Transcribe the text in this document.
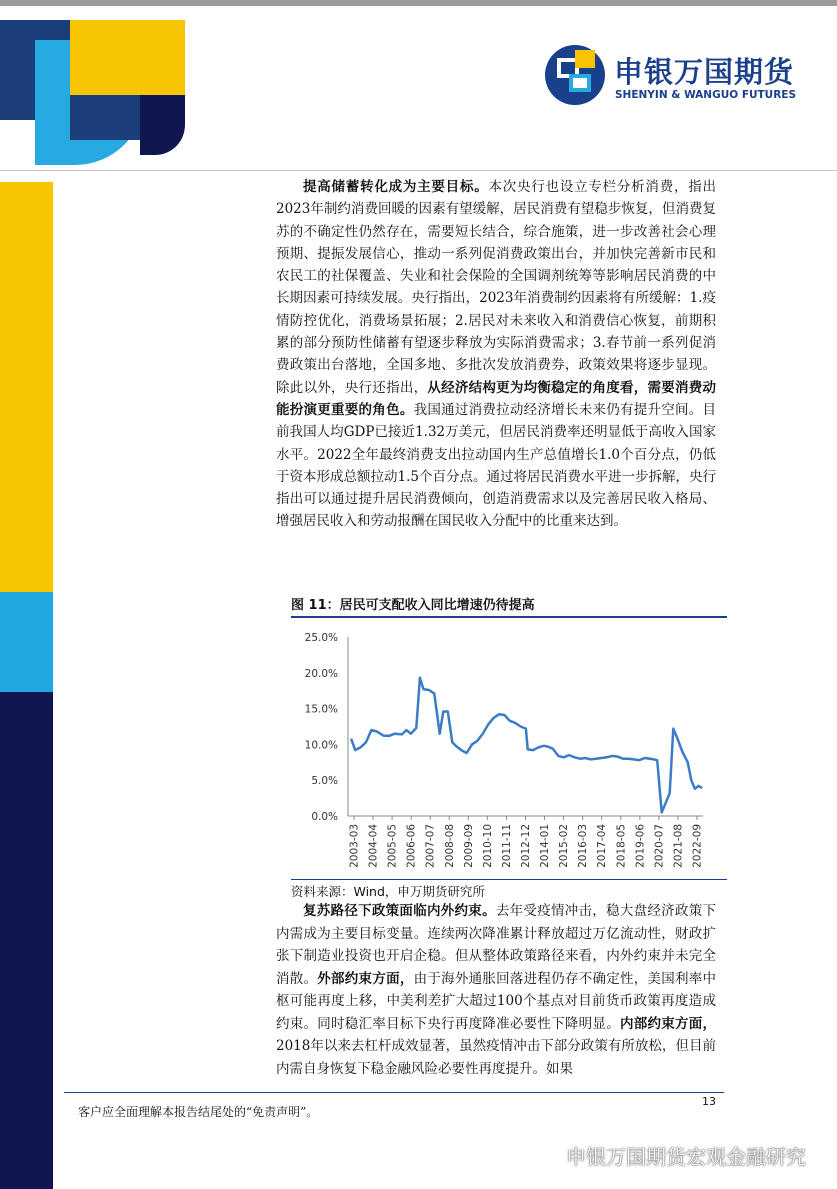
申银万国期货
SHENYIN & WANGUO FUTURES

提高储蓄转化成为主要目标。本次央行也设立专栏分析消费，指出2023年制约消费回暖的因素有望缓解，居民消费有望稳步恢复，但消费复苏的不确定性仍然存在，需要短长结合，综合施策，进一步改善社会心理预期、提振发展信心，推动一系列促消费政策出台，并加快完善新市民和农民工的社保覆盖、失业和社会保险的全国调剂统筹等影响居民消费的中长期因素可持续发展。央行指出，2023年消费制约因素将有所缓解：1.疫情防控优化，消费场景拓展；2.居民对未来收入和消费信心恢复，前期积累的部分预防性储蓄有望逐步释放为实际消费需求；3.春节前一系列促消费政策出台落地，全国多地、多批次发放消费券，政策效果将逐步显现。除此以外，央行还指出，从经济结构更为均衡稳定的角度看，需要消费动能扮演更重要的角色。我国通过消费拉动经济增长未来仍有提升空间。目前我国人均GDP已接近1.32万美元，但居民消费率还明显低于高收入国家水平。2022全年最终消费支出拉动国内生产总值增长1.0个百分点，仍低于资本形成总额拉动1.5个百分点。通过将居民消费水平进一步拆解，央行指出可以通过提升居民消费倾向，创造消费需求以及完善居民收入格局、增强居民收入和劳动报酬在国民收入分配中的比重来达到。

图 11：居民可支配收入同比增速仍待提高
0.0%
5.0%
10.0%
15.0%
20.0%
25.0%
2003-03 2004-04 2005-05 2006-06 2007-07 2008-08 2009-09 2010-10 2011-11 2012-12 2014-01 2015-02 2016-03 2017-04 2018-05 2019-06 2020-07 2021-08 2022-09
资料来源：Wind，申万期货研究所

复苏路径下政策面临内外约束。去年受疫情冲击，稳大盘经济政策下内需成为主要目标变量。连续两次降准累计释放超过万亿流动性，财政扩张下制造业投资也开启企稳。但从整体政策路径来看，内外约束并未完全消散。外部约束方面，由于海外通胀回落进程仍存不确定性，美国利率中枢可能再度上移，中美利差扩大超过100个基点对目前货币政策再度造成约束。同时稳汇率目标下央行再度降准必要性下降明显。内部约束方面，2018年以来去杠杆成效显著，虽然疫情冲击下部分政策有所放松，但目前内需自身恢复下稳金融风险必要性再度提升。如果

13
客户应全面理解本报告结尾处的“免责声明”。
申银万国期货宏观金融研究
